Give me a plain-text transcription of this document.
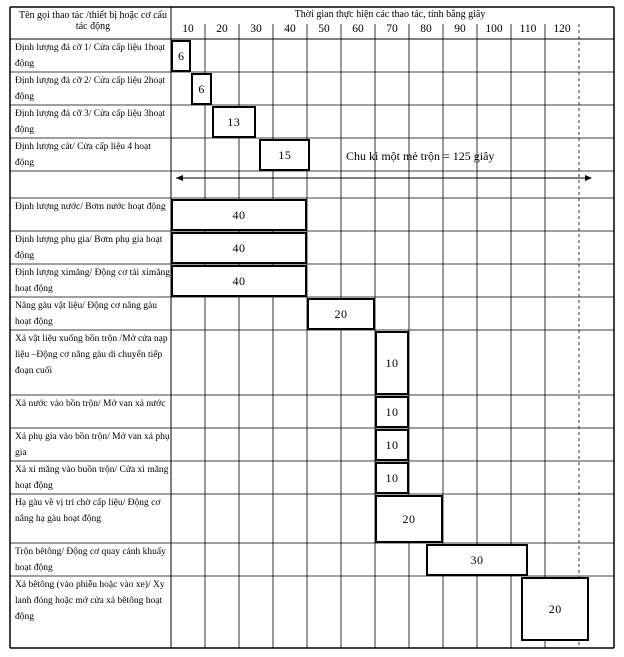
Tên gọi thao tác /thiết bị hoặc cơ cấu tác động
Thời gian thực hiện các thao tác, tính bằng giây
10 20 30 40 50 60 70 80 90 100 110 120
Định lượng đá cỡ 1/ Cửa cấp liệu 1hoạt động
Định lượng đá cỡ 2/ Cửa cấp liệu 2hoạt động
Định lượng đá cỡ 3/ Cửa cấp liệu 3hoạt động
Định lượng cát/ Cửa cấp liệu 4 hoạt động
Định lượng nước/ Bơm nước hoạt động
Định lượng phụ gia/ Bơm phụ gia hoạt động
Định lượng ximăng/ Động cơ tải ximăng hoạt động
Nâng gàu vật liệu/ Động cơ nâng gàu hoạt động
Xả vật liệu xuống bồn trộn /Mở cửa nạp liệu –Động cơ nâng gàu di chuyển tiếp đoạn cuối
Xả nước vào bồn trộn/ Mở van xả nước
Xả phụ gia vào bồn trộn/ Mở van xả phụ gia
Xả xi măng vào buồn trộn/ Cửa xi măng hoạt động
Hạ gàu về vị trí chờ cấp liệu/ Động cơ nâng hạ gàu hoạt động
Trộn bêtông/ Động cơ quay cánh khuấy hoạt động
Xả bêtông (vào phiễu hoặc vào xe)/ Xy lanh đóng hoặc mở cửa xả bêtông hoạt động
6
6
13
15
40
40
40
20
10
10
10
10
20
30
20
Chu kì một mẻ trộn = 125 giây
